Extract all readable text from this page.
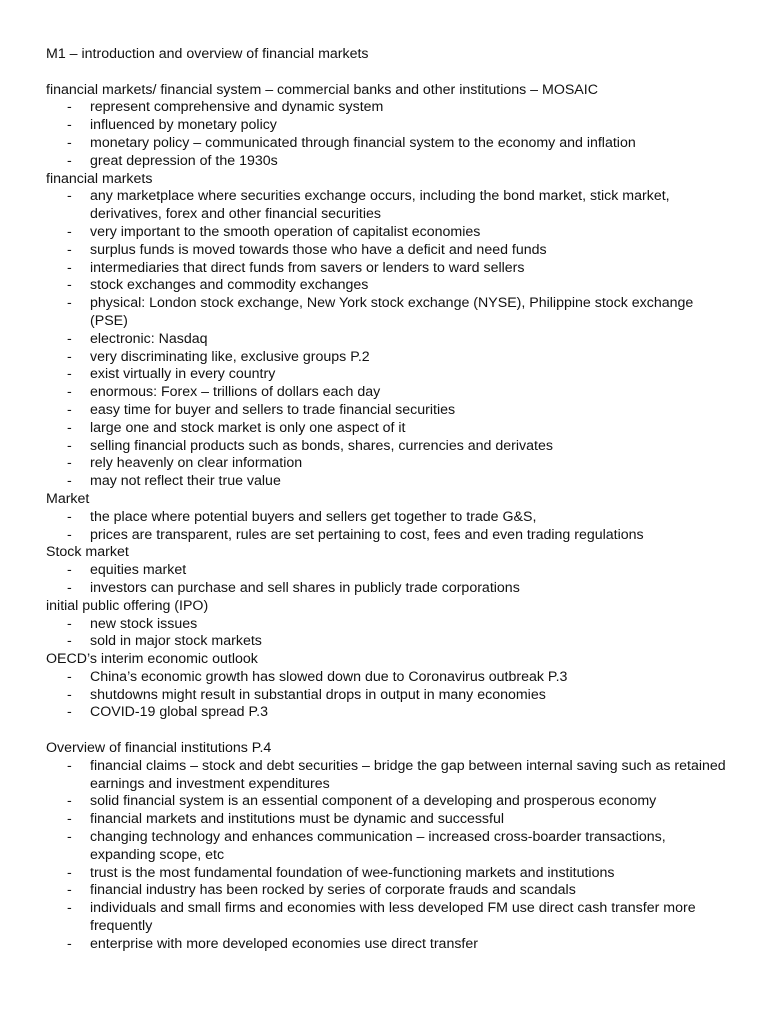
M1 – introduction and overview of financial markets
financial markets/ financial system – commercial banks and other institutions – MOSAIC
- represent comprehensive and dynamic system
- influenced by monetary policy
- monetary policy – communicated through financial system to the economy and inflation
- great depression of the 1930s
financial markets
- any marketplace where securities exchange occurs, including the bond market, stick market, derivatives, forex and other financial securities
- very important to the smooth operation of capitalist economies
- surplus funds is moved towards those who have a deficit and need funds
- intermediaries that direct funds from savers or lenders to ward sellers
- stock exchanges and commodity exchanges
- physical: London stock exchange, New York stock exchange (NYSE), Philippine stock exchange (PSE)
- electronic: Nasdaq
- very discriminating like, exclusive groups P.2
- exist virtually in every country
- enormous: Forex – trillions of dollars each day
- easy time for buyer and sellers to trade financial securities
- large one and stock market is only one aspect of it
- selling financial products such as bonds, shares, currencies and derivates
- rely heavenly on clear information
- may not reflect their true value
Market
- the place where potential buyers and sellers get together to trade G&S,
- prices are transparent, rules are set pertaining to cost, fees and even trading regulations
Stock market
- equities market
- investors can purchase and sell shares in publicly trade corporations
initial public offering (IPO)
- new stock issues
- sold in major stock markets
OECD’s interim economic outlook
- China’s economic growth has slowed down due to Coronavirus outbreak P.3
- shutdowns might result in substantial drops in output in many economies
- COVID-19 global spread P.3
Overview of financial institutions P.4
- financial claims – stock and debt securities – bridge the gap between internal saving such as retained earnings and investment expenditures
- solid financial system is an essential component of a developing and prosperous economy
- financial markets and institutions must be dynamic and successful
- changing technology and enhances communication – increased cross-boarder transactions, expanding scope, etc
- trust is the most fundamental foundation of wee-functioning markets and institutions
- financial industry has been rocked by series of corporate frauds and scandals
- individuals and small firms and economies with less developed FM use direct cash transfer more frequently
- enterprise with more developed economies use direct transfer
